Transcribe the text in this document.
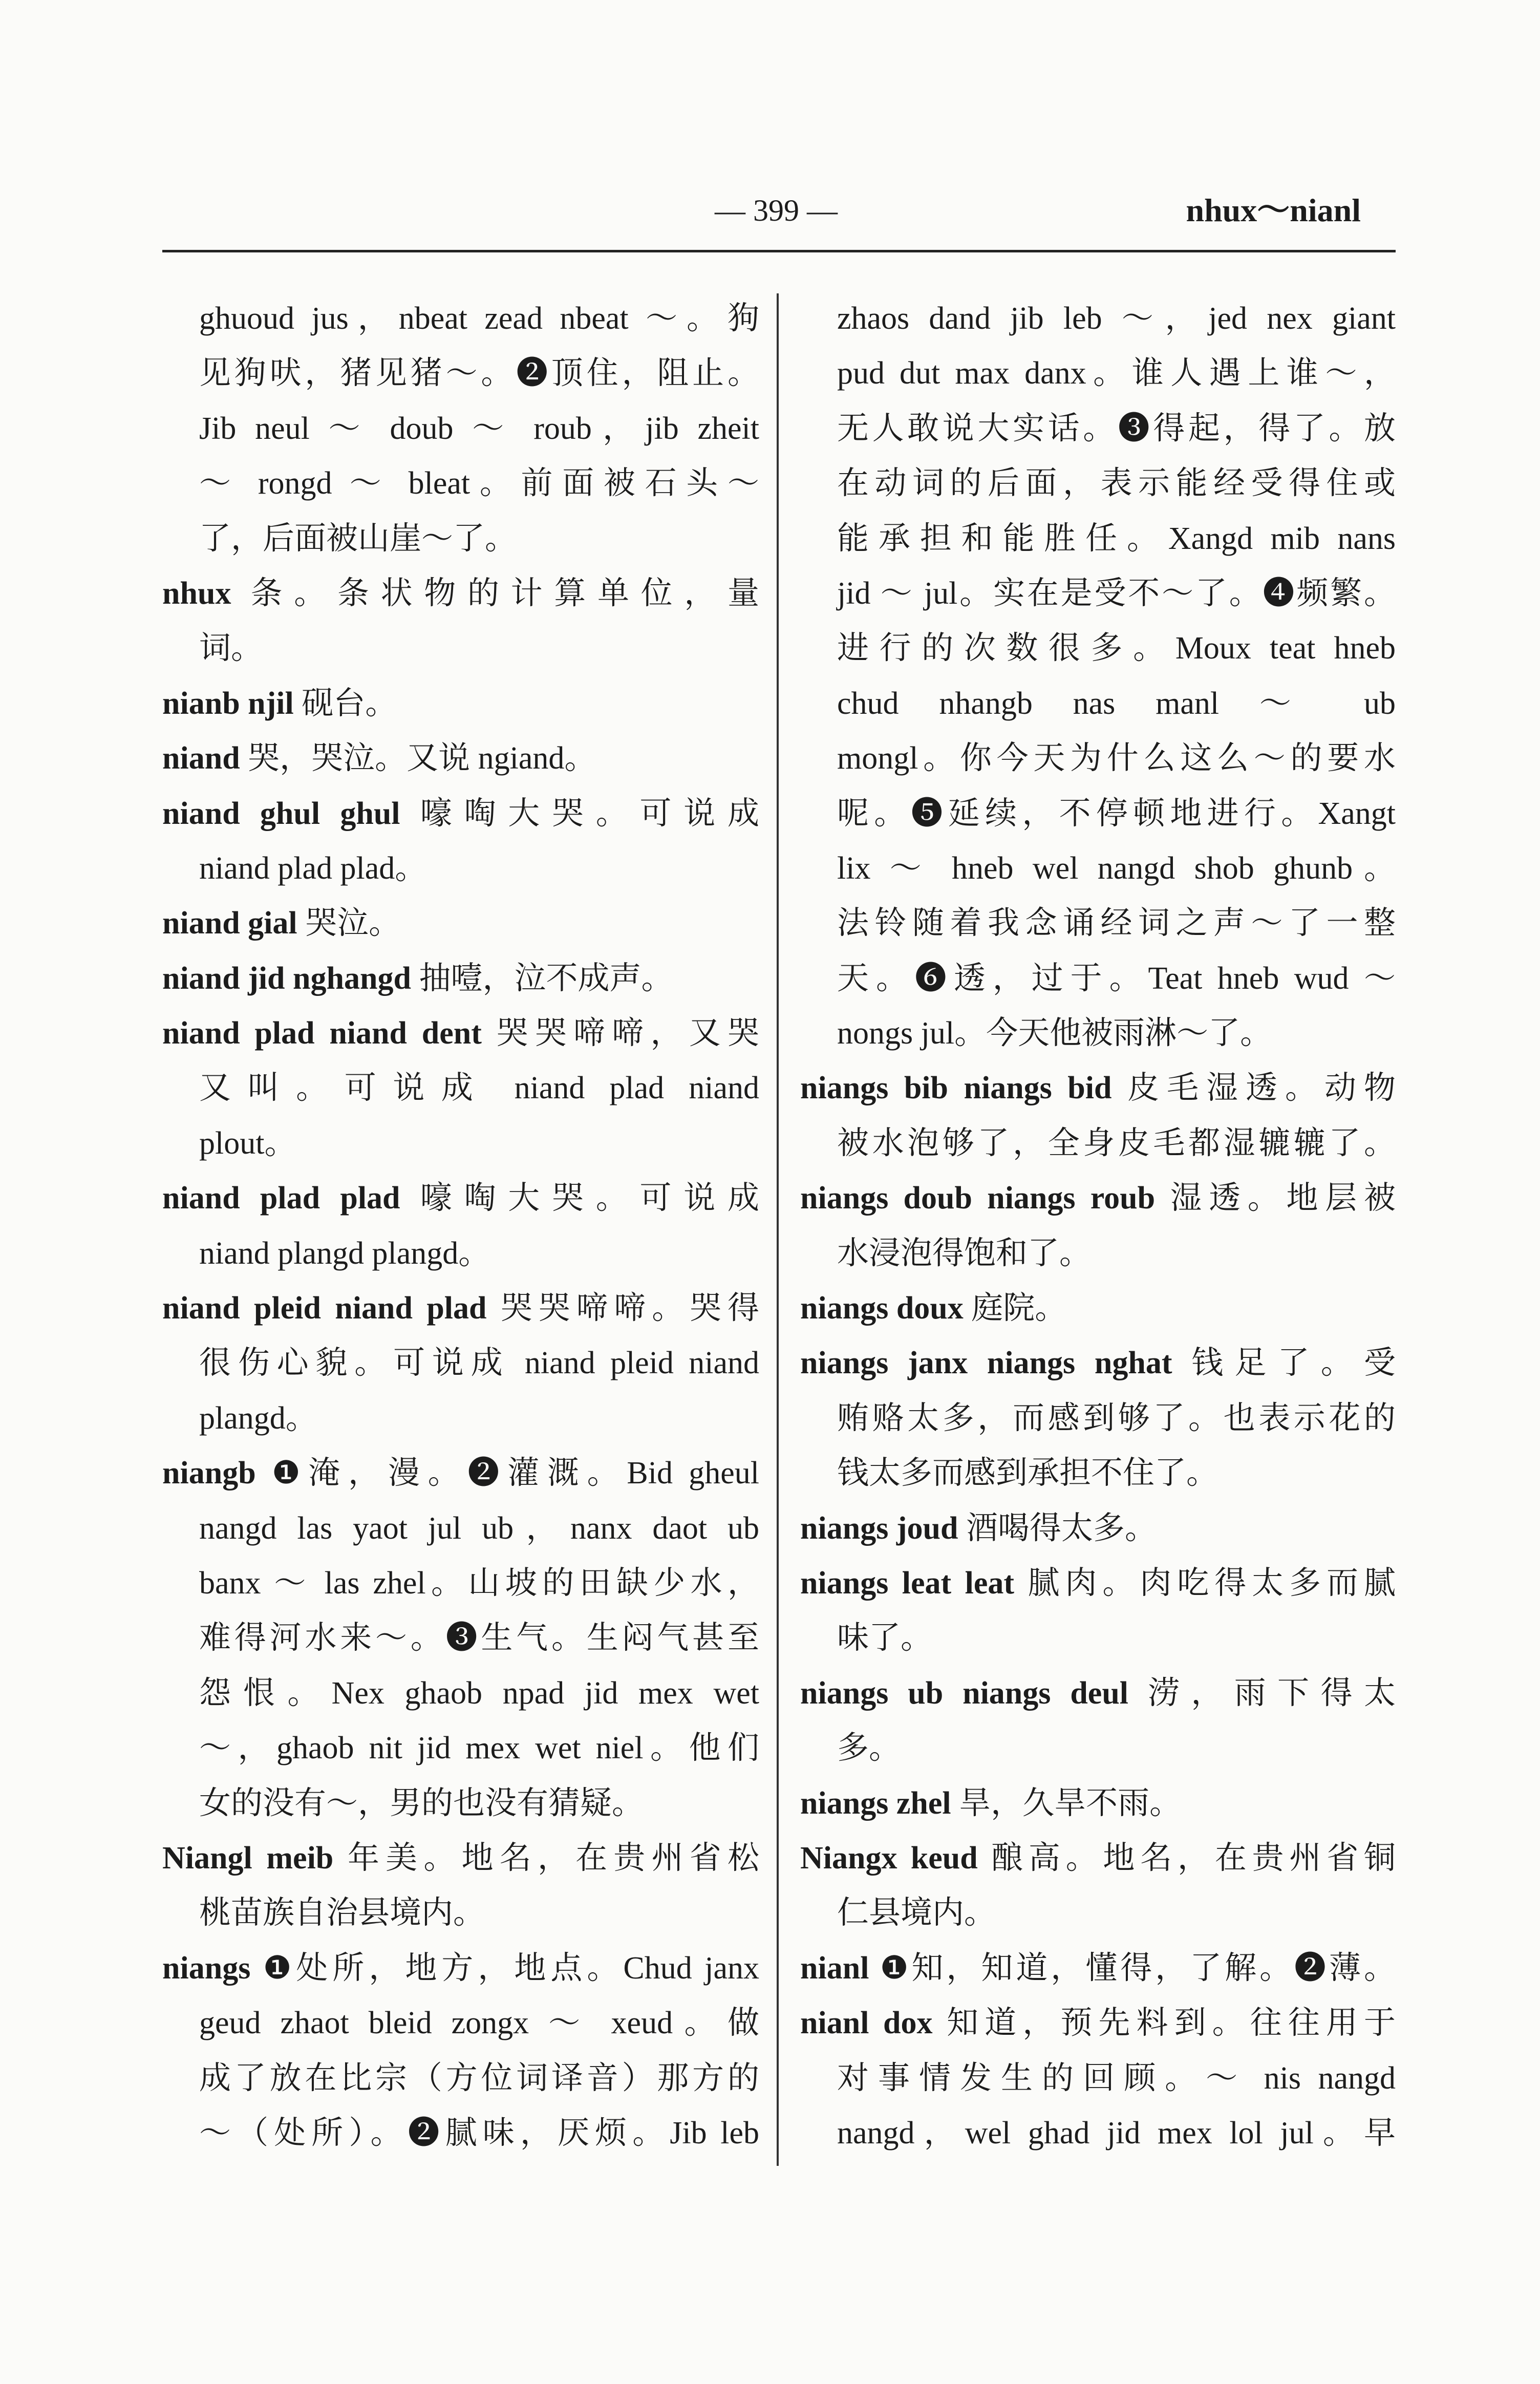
— 399 —	nhux～nianl
ghuoud jus，nbeat zead nbeat ～。狗
见狗吠，猪见猪～。❷顶住，阻止。
Jib neul ～ doub ～ roub，jib zheit
～ rongd ～ bleat。前面被石头～
了，后面被山崖～了。
nhux 条。条状物的计算单位，量
词。
nianb njil 砚台。
niand 哭，哭泣。又说 ngiand。
niand ghul ghul 嚎啕大哭。可说成
niand plad plad。
niand gial 哭泣。
niand jid nghangd 抽噎，泣不成声。
niand plad niand dent 哭哭啼啼，又哭
又叫。可说成 niand plad niand
plout。
niand plad plad 嚎啕大哭。可说成
niand plangd plangd。
niand pleid niand plad 哭哭啼啼。哭得
很伤心貌。可说成 niand pleid niand
plangd。
niangb ❶淹，漫。❷灌溉。Bid gheul
nangd las yaot jul ub，nanx daot ub
banx ～ las zhel。山坡的田缺少水，
难得河水来～。❸生气。生闷气甚至
怨恨。Nex ghaob npad jid mex wet
～，ghaob nit jid mex wet niel。他们
女的没有～，男的也没有猜疑。
Niangl meib 年美。地名，在贵州省松
桃苗族自治县境内。
niangs ❶处所，地方，地点。Chud janx
geud zhaot bleid zongx ～ xeud。做
成了放在比宗（方位词译音）那方的
～（处所）。❷腻味，厌烦。Jib leb
zhaos dand jib leb ～，jed nex giant
pud dut max danx。谁人遇上谁～，
无人敢说大实话。❸得起，得了。放
在动词的后面，表示能经受得住或
能承担和能胜任。Xangd mib nans
jid ～ jul。实在是受不～了。❹频繁。
进行的次数很多。Moux teat hneb
chud nhangb nas manl ～ ub
mongl。你今天为什么这么～的要水
呢。❺延续，不停顿地进行。Xangt
lix ～ hneb wel nangd shob ghunb。
法铃随着我念诵经词之声～了一整
天。❻透，过于。Teat hneb wud ～
nongs jul。今天他被雨淋～了。
niangs bib niangs bid 皮毛湿透。动物
被水泡够了，全身皮毛都湿辘辘了。
niangs doub niangs roub 湿透。地层被
水浸泡得饱和了。
niangs doux 庭院。
niangs janx niangs nghat 钱足了。受
贿赂太多，而感到够了。也表示花的
钱太多而感到承担不住了。
niangs joud 酒喝得太多。
niangs leat leat 腻肉。肉吃得太多而腻
味了。
niangs ub niangs deul 涝，雨下得太
多。
niangs zhel 旱，久旱不雨。
Niangx keud 酿高。地名，在贵州省铜
仁县境内。
nianl ❶知，知道，懂得，了解。❷薄。
nianl dox 知道，预先料到。往往用于
对事情发生的回顾。～ nis nangd
nangd，wel ghad jid mex lol jul。早
